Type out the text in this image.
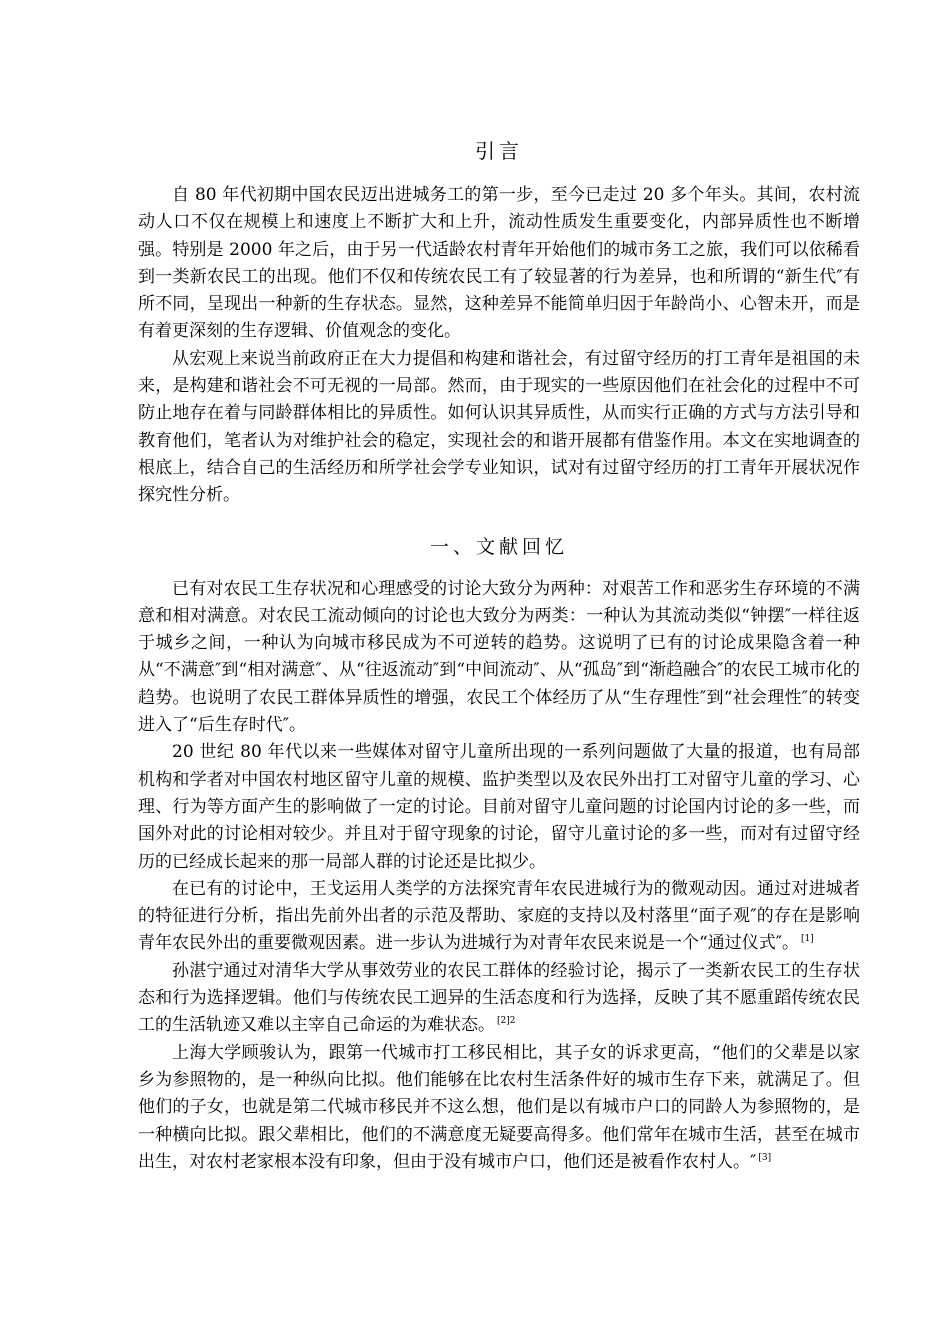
引言

自 80 年代初期中国农民迈出进城务工的第一步，至今已走过 20 多个年头。其间，农村流动人口不仅在规模上和速度上不断扩大和上升，流动性质发生重要变化，内部异质性也不断增强。特别是 2000 年之后，由于另一代适龄农村青年开始他们的城市务工之旅，我们可以依稀看到一类新农民工的出现。他们不仅和传统农民工有了较显著的行为差异，也和所谓的“新生代″有所不同，呈现出一种新的生存状态。显然，这种差异不能简单归因于年龄尚小、心智未开，而是有着更深刻的生存逻辑、价值观念的变化。

从宏观上来说当前政府正在大力提倡和构建和谐社会，有过留守经历的打工青年是祖国的未来，是构建和谐社会不可无视的一局部。然而，由于现实的一些原因他们在社会化的过程中不可防止地存在着与同龄群体相比的异质性。如何认识其异质性，从而实行正确的方式与方法引导和教育他们，笔者认为对维护社会的稳定，实现社会的和谐开展都有借鉴作用。本文在实地调查的根底上，结合自己的生活经历和所学社会学专业知识，试对有过留守经历的打工青年开展状况作探究性分析。

一、文献回忆

已有对农民工生存状况和心理感受的讨论大致分为两种：对艰苦工作和恶劣生存环境的不满意和相对满意。对农民工流动倾向的讨论也大致分为两类：一种认为其流动类似“钟摆″一样往返于城乡之间，一种认为向城市移民成为不可逆转的趋势。这说明了已有的讨论成果隐含着一种从“不满意″到“相对满意″、从“往返流动″到“中间流动″、从“孤岛″到“渐趋融合″的农民工城市化的趋势。也说明了农民工群体异质性的增强，农民工个体经历了从“生存理性″到“社会理性″的转变进入了“后生存时代″。

20 世纪 80 年代以来一些媒体对留守儿童所出现的一系列问题做了大量的报道，也有局部机构和学者对中国农村地区留守儿童的规模、监护类型以及农民外出打工对留守儿童的学习、心理、行为等方面产生的影响做了一定的讨论。目前对留守儿童问题的讨论国内讨论的多一些，而国外对此的讨论相对较少。并且对于留守现象的讨论，留守儿童讨论的多一些，而对有过留守经历的已经成长起来的那一局部人群的讨论还是比拟少。

在已有的讨论中，王戈运用人类学的方法探究青年农民进城行为的微观动因。通过对进城者的特征进行分析，指出先前外出者的示范及帮助、家庭的支持以及村落里“面子观″的存在是影响青年农民外出的重要微观因素。进一步认为进城行为对青年农民来说是一个“通过仪式″。 [1]

孙湛宁通过对清华大学从事效劳业的农民工群体的经验讨论，揭示了一类新农民工的生存状态和行为选择逻辑。他们与传统农民工迥异的生活态度和行为选择，反映了其不愿重蹈传统农民工的生活轨迹又难以主宰自己命运的为难状态。 $^{[2]2}$

上海大学顾骏认为，跟第一代城市打工移民相比，其子女的诉求更高，“他们的父辈是以家乡为参照物的，是一种纵向比拟。他们能够在比农村生活条件好的城市生存下来，就满足了。但他们的子女，也就是第二代城市移民并不这么想，他们是以有城市户口的同龄人为参照物的，是一种横向比拟。跟父辈相比，他们的不满意度无疑要高得多。他们常年在城市生活，甚至在城市出生，对农村老家根本没有印象，但由于没有城市户口，他们还是被看作农村人。″ [3]
